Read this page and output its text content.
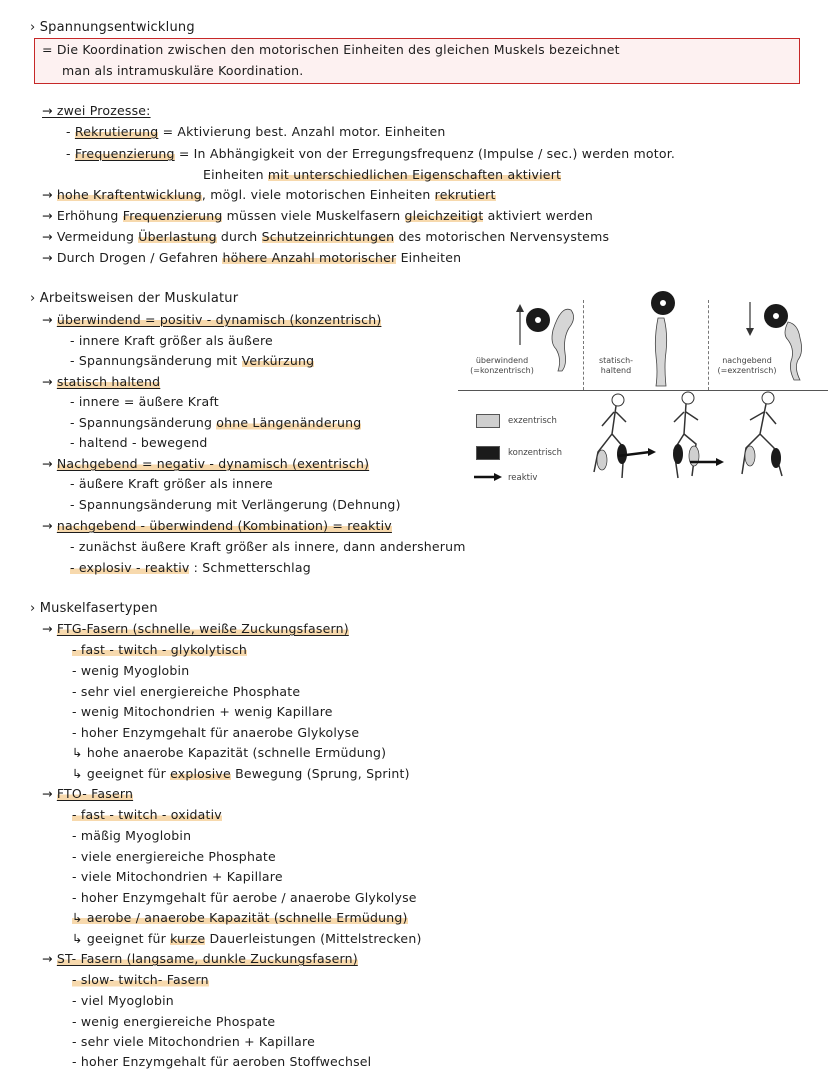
› Spannungsentwicklung
= Die Koordination zwischen den motorischen Einheiten des gleichen Muskels bezeichnet
man als intramuskuläre Koordination.
→ zwei Prozesse:
- Rekrutierung = Aktivierung best. Anzahl motor. Einheiten
- Frequenzierung = In Abhängigkeit von der Erregungsfrequenz (Impulse / sec.) werden motor.
Einheiten mit unterschiedlichen Eigenschaften aktiviert
→ hohe Kraftentwicklung, mögl. viele motorischen Einheiten rekrutiert
→ Erhöhung Frequenzierung müssen viele Muskelfasern gleichzeitigt aktiviert werden
→ Vermeidung Überlastung durch Schutzeinrichtungen des motorischen Nervensystems
→ Durch Drogen / Gefahren höhere Anzahl motorischer Einheiten
› Arbeitsweisen der Muskulatur
→ überwindend = positiv - dynamisch (konzentrisch)
- innere Kraft größer als äußere
- Spannungsänderung mit Verkürzung
→ statisch haltend
- innere = äußere Kraft
- Spannungsänderung ohne Längenänderung
- haltend - bewegend
→ Nachgebend = negativ - dynamisch (exentrisch)
- äußere Kraft größer als innere
- Spannungsänderung mit Verlängerung (Dehnung)
→ nachgebend - überwindend (Kombination) = reaktiv
- zunächst äußere Kraft größer als innere, dann andersherum
- explosiv - reaktiv : Schmetterschlag
überwindend
(=konzentrisch)
statisch-
haltend
nachgebend
(=exzentrisch)
exzentrisch
konzentrisch
reaktiv
› Muskelfasertypen
→ FTG-Fasern (schnelle, weiße Zuckungsfasern)
- fast - twitch - glykolytisch
- wenig Myoglobin
- sehr viel energiereiche Phosphate
- wenig Mitochondrien + wenig Kapillare
- hoher Enzymgehalt für anaerobe Glykolyse
↳ hohe anaerobe Kapazität (schnelle Ermüdung)
↳ geeignet für explosive Bewegung (Sprung, Sprint)
→ FTO- Fasern
- fast - twitch - oxidativ
- mäßig Myoglobin
- viele energiereiche Phosphate
- viele Mitochondrien + Kapillare
- hoher Enzymgehalt für aerobe / anaerobe Glykolyse
↳ aerobe / anaerobe Kapazität (schnelle Ermüdung)
↳ geeignet für kurze Dauerleistungen (Mittelstrecken)
→ ST- Fasern (langsame, dunkle Zuckungsfasern)
- slow- twitch- Fasern
- viel Myoglobin
- wenig energiereiche Phospate
- sehr viele Mitochondrien + Kapillare
- hoher Enzymgehalt für aeroben Stoffwechsel
